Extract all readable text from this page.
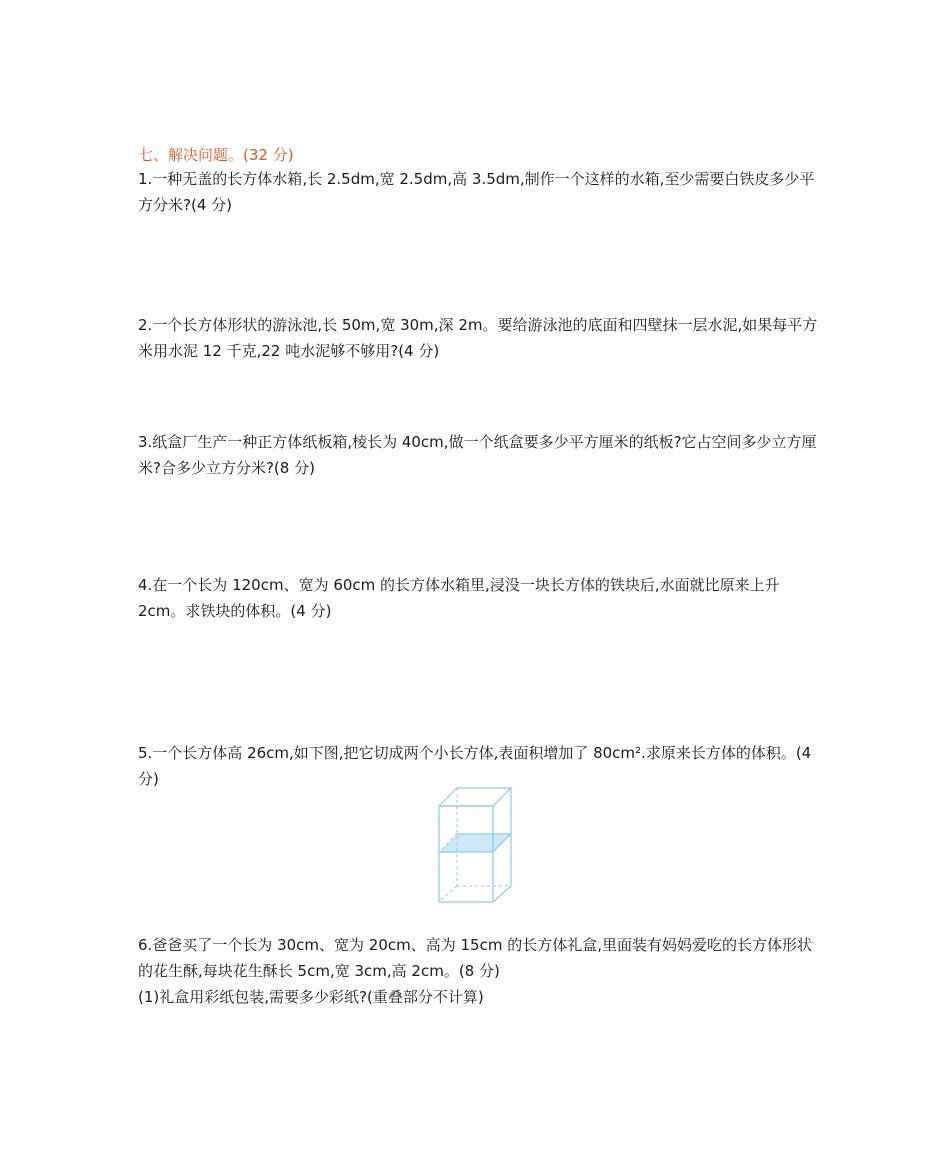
七、解决问题。(32 分)

1.一种无盖的长方体水箱,长 2.5dm,宽 2.5dm,高 3.5dm,制作一个这样的水箱,至少需要白铁皮多少平方分米?(4 分)

2.一个长方体形状的游泳池,长 50m,宽 30m,深 2m。要给游泳池的底面和四壁抹一层水泥,如果每平方米用水泥 12 千克,22 吨水泥够不够用?(4 分)

3.纸盒厂生产一种正方体纸板箱,棱长为 40cm,做一个纸盒要多少平方厘米的纸板?它占空间多少立方厘米?合多少立方分米?(8 分)

4.在一个长为 120cm、宽为 60cm 的长方体水箱里,浸没一块长方体的铁块后,水面就比原来上升 2cm。求铁块的体积。(4 分)

5.一个长方体高 26cm,如下图,把它切成两个小长方体,表面积增加了 80cm².求原来长方体的体积。(4 分)

6.爸爸买了一个长为 30cm、宽为 20cm、高为 15cm 的长方体礼盒,里面装有妈妈爱吃的长方体形状的花生酥,每块花生酥长 5cm,宽 3cm,高 2cm。(8 分)

(1)礼盒用彩纸包装,需要多少彩纸?(重叠部分不计算)
